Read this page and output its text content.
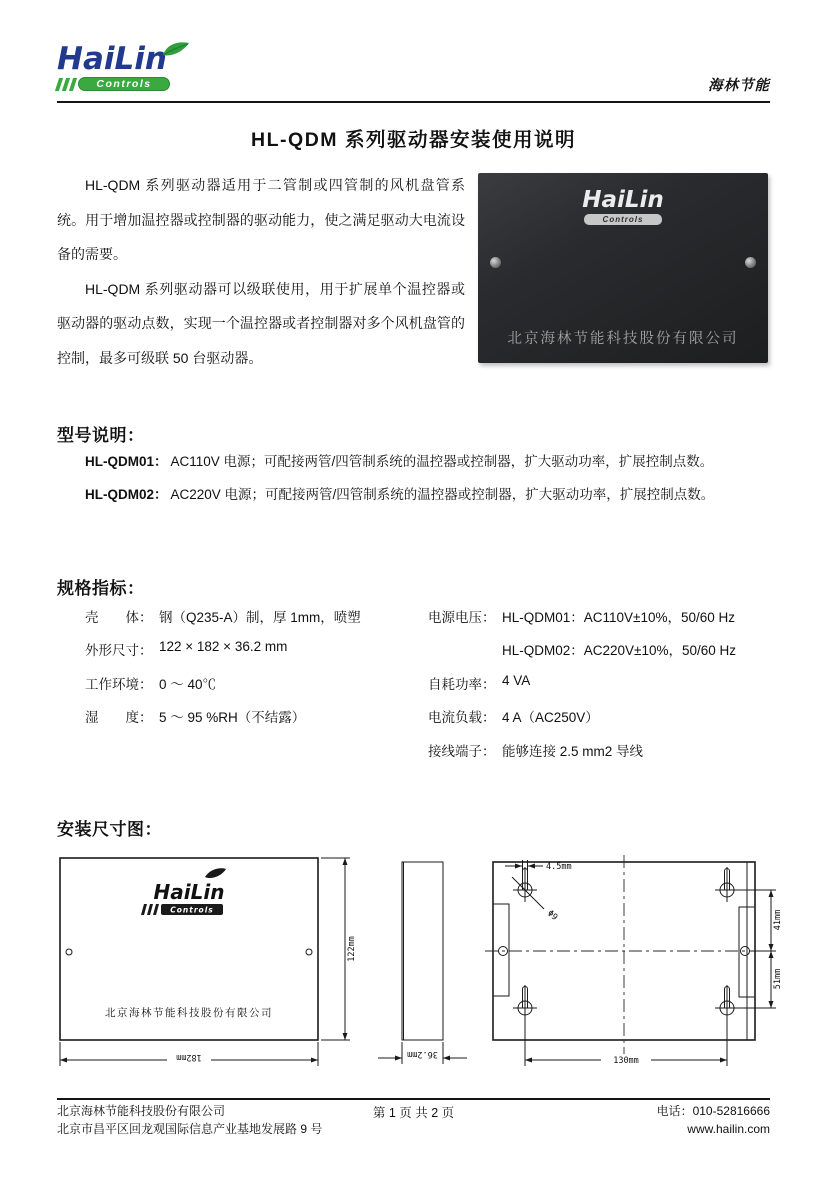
HaiLin
Controls	海林节能
HL-QDM 系列驱动器安装使用说明

HL-QDM 系列驱动器适用于二管制或四管制的风机盘管系统。用于增加温控器或控制器的驱动能力，使之满足驱动大电流设备的需要。

HL-QDM 系列驱动器可以级联使用，用于扩展单个温控器或驱动器的驱动点数，实现一个温控器或者控制器对多个风机盘管的控制，最多可级联 50 台驱动器。

HaiLin
Controls
北京海林节能科技股份有限公司
型号说明：
HL-QDM01： AC110V 电源；可配接两管/四管制系统的温控器或控制器，扩大驱动功率，扩展控制点数。
HL-QDM02： AC220V 电源；可配接两管/四管制系统的温控器或控制器，扩大驱动功率，扩展控制点数。
规格指标：
壳　　体： 钢（Q235-A）制，厚 1mm，喷塑
外形尺寸： 122 × 182 × 36.2 mm
工作环境： 0 ～ 40℃
湿　　度： 5 ～ 95 %RH（不结露）
电源电压： HL-QDM01：AC110V±10%，50/60 Hz
HL-QDM02：AC220V±10%，50/60 Hz
自耗功率： 4 VA
电流负载： 4 A（AC250V）
接线端子： 能够连接 2.5 mm2 导线
安装尺寸图：
HaiLin
Controls
北京海林节能科技股份有限公司
122mm
182mm	36.2mm
4.5mm
Φ9	41mm
51mm
130mm
北京海林节能科技股份有限公司
北京市昌平区回龙观国际信息产业基地发展路 9 号
第 1 页 共 2 页	电话：010-52816666
www.hailin.com
